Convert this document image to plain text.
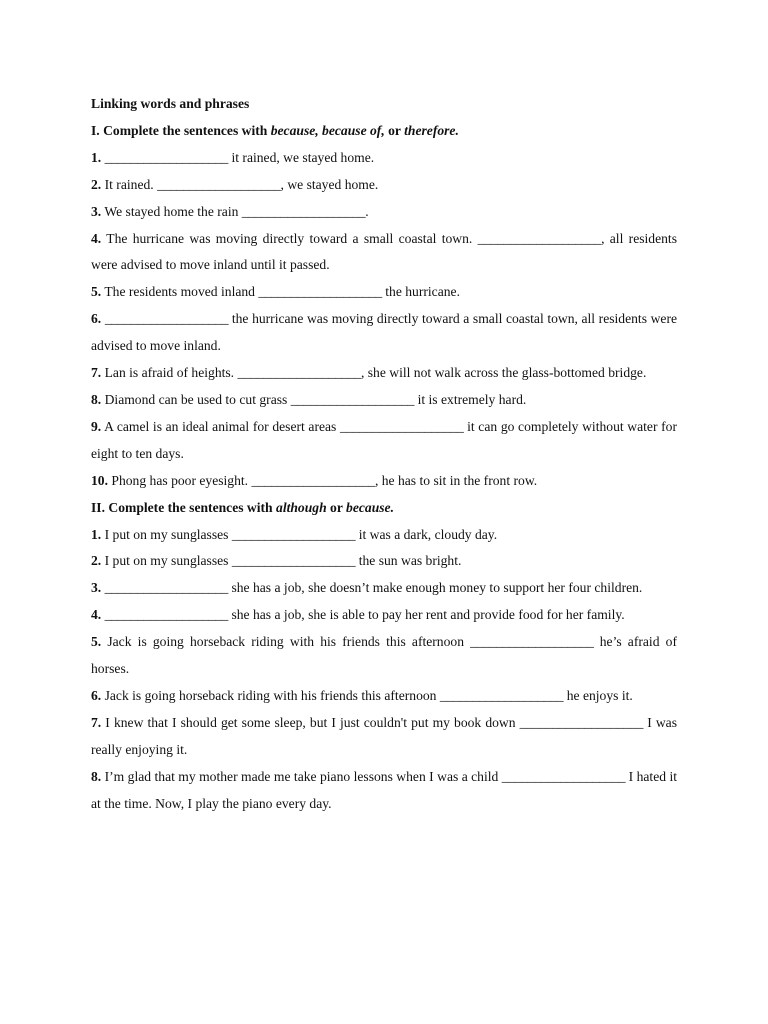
Linking words and phrases
I. Complete the sentences with because, because of, or therefore.
1. ___________________ it rained, we stayed home.
2. It rained. ___________________, we stayed home.
3. We stayed home the rain ___________________.
4. The hurricane was moving directly toward a small coastal town. ___________________, all residents were advised to move inland until it passed.
5. The residents moved inland ___________________ the hurricane.
6. ___________________ the hurricane was moving directly toward a small coastal town, all residents were advised to move inland.
7. Lan is afraid of heights. ___________________, she will not walk across the glass-bottomed bridge.
8. Diamond can be used to cut grass ___________________ it is extremely hard.
9. A camel is an ideal animal for desert areas ___________________ it can go completely without water for eight to ten days.
10. Phong has poor eyesight. ___________________, he has to sit in the front row.
II. Complete the sentences with although or because.
1. I put on my sunglasses ___________________ it was a dark, cloudy day.
2. I put on my sunglasses ___________________ the sun was bright.
3. ___________________ she has a job, she doesn’t make enough money to support her four children.
4. ___________________ she has a job, she is able to pay her rent and provide food for her family.
5. Jack is going horseback riding with his friends this afternoon ___________________ he’s afraid of horses.
6. Jack is going horseback riding with his friends this afternoon ___________________ he enjoys it.
7. I knew that I should get some sleep, but I just couldn't put my book down ___________________ I was really enjoying it.
8. I’m glad that my mother made me take piano lessons when I was a child ___________________ I hated it at the time. Now, I play the piano every day.
